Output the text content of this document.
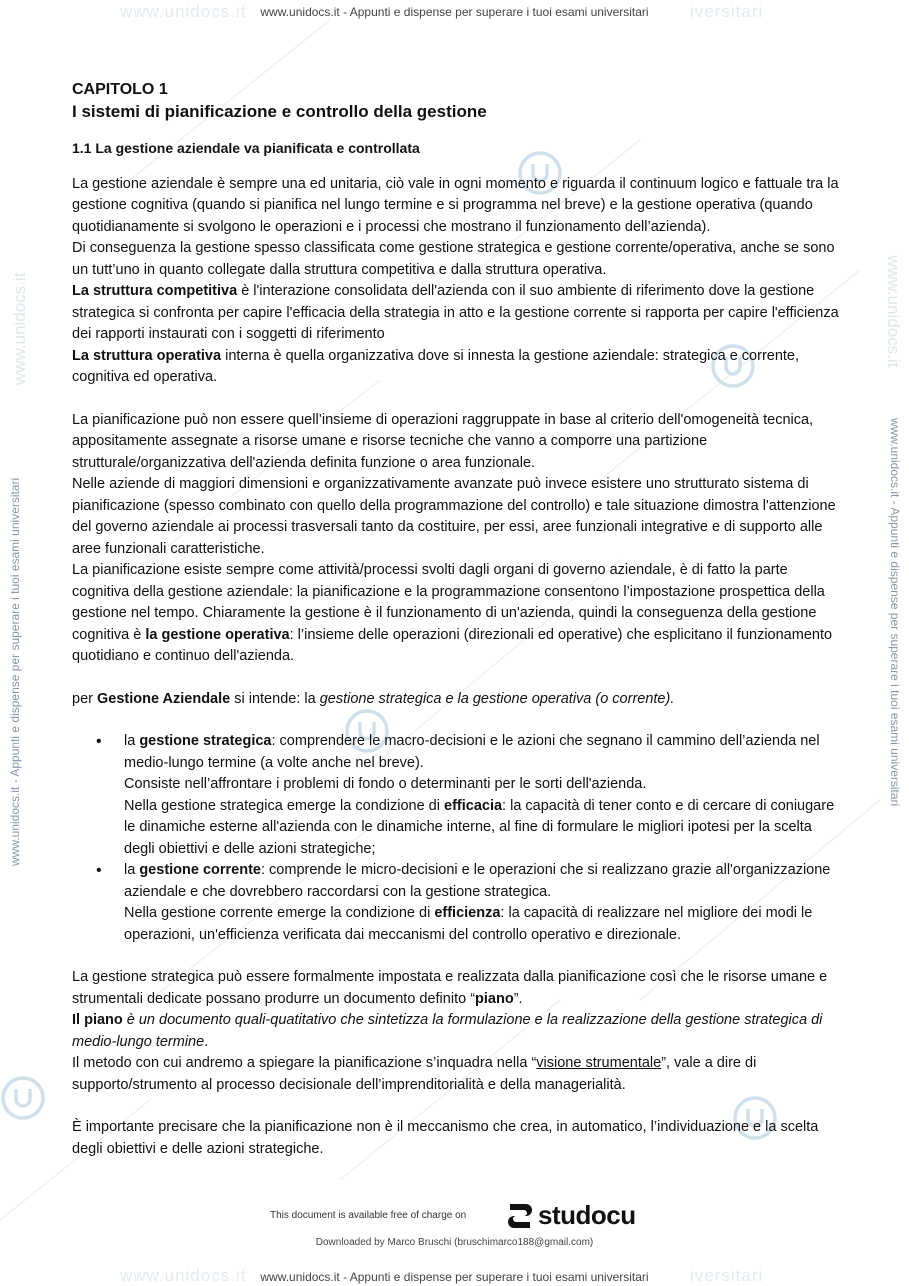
www.unidocs.it	iversitari
www.unidocs.it - Appunti e dispense per superare i tuoi esami universitari
www.unidocs.it	iversitari
www.unidocs.it - Appunti e dispense per superare i tuoi esami universitari
www.unidocs.it - Appunti e dispense per superare i tuoi esami universitari	www.unidocs.it - Appunti e dispense per superare i tuoi esami universitari
www.unidocs.it	www.unidocs.it

CAPITOLO 1

I sistemi di pianificazione e controllo della gestione

1.1 La gestione aziendale va pianificata e controllata

La gestione aziendale è sempre una ed unitaria, ciò vale in ogni momento e riguarda il continuum logico e fattuale tra la gestione cognitiva (quando si pianifica nel lungo termine e si programma nel breve) e la gestione operativa (quando quotidianamente si svolgono le operazioni e i processi che mostrano il funzionamento dell’azienda).
Di conseguenza la gestione spesso classificata come gestione strategica e gestione corrente/operativa, anche se sono un tutt’uno in quanto collegate dalla struttura competitiva e dalla struttura operativa.
La struttura competitiva è l'interazione consolidata dell'azienda con il suo ambiente di riferimento dove la gestione strategica si confronta per capire l'efficacia della strategia in atto e la gestione corrente si rapporta per capire l'efficienza dei rapporti instaurati con i soggetti di riferimento
La struttura operativa interna è quella organizzativa dove si innesta la gestione aziendale: strategica e corrente, cognitiva ed operativa.

La pianificazione può non essere quell’insieme di operazioni raggruppate in base al criterio dell'omogeneità tecnica, appositamente assegnate a risorse umane e risorse tecniche che vanno a comporre una partizione strutturale/organizzativa dell'azienda definita funzione o area funzionale.
Nelle aziende di maggiori dimensioni e organizzativamente avanzate può invece esistere uno strutturato sistema di pianificazione (spesso combinato con quello della programmazione del controllo) e tale situazione dimostra l'attenzione del governo aziendale ai processi trasversali tanto da costituire, per essi, aree funzionali integrative e di supporto alle aree funzionali caratteristiche.
La pianificazione esiste sempre come attività/processi svolti dagli organi di governo aziendale, è di fatto la parte cognitiva della gestione aziendale: la pianificazione e la programmazione consentono l’impostazione prospettica della gestione nel tempo. Chiaramente la gestione è il funzionamento di un'azienda, quindi la conseguenza della gestione cognitiva è la gestione operativa: l’insieme delle operazioni (direzionali ed operative) che esplicitano il funzionamento quotidiano e continuo dell'azienda.

per Gestione Aziendale si intende: la gestione strategica e la gestione operativa (o corrente).

• la gestione strategica: comprendere le macro-decisioni e le azioni che segnano il cammino dell’azienda nel medio-lungo termine (a volte anche nel breve).
Consiste nell’affrontare i problemi di fondo o determinanti per le sorti dell'azienda.
Nella gestione strategica emerge la condizione di efficacia: la capacità di tener conto e di cercare di coniugare le dinamiche esterne all'azienda con le dinamiche interne, al fine di formulare le migliori ipotesi per la scelta degli obiettivi e delle azioni strategiche;
• la gestione corrente: comprende le micro-decisioni e le operazioni che si realizzano grazie all'organizzazione aziendale e che dovrebbero raccordarsi con la gestione strategica.
Nella gestione corrente emerge la condizione di efficienza: la capacità di realizzare nel migliore dei modi le operazioni, un'efficienza verificata dai meccanismi del controllo operativo e direzionale.

La gestione strategica può essere formalmente impostata e realizzata dalla pianificazione così che le risorse umane e strumentali dedicate possano produrre un documento definito “piano”.
Il piano è un documento quali-quatitativo che sintetizza la formulazione e la realizzazione della gestione strategica di medio-lungo termine.
Il metodo con cui andremo a spiegare la pianificazione s’inquadra nella “visione strumentale”, vale a dire di supporto/strumento al processo decisionale dell’imprenditorialità e della managerialità.

È importante precisare che la pianificazione non è il meccanismo che crea, in automatico, l’individuazione e la scelta degli obiettivi e delle azioni strategiche.

This document is available free of charge on	studocu
Downloaded by Marco Bruschi (bruschimarco188@gmail.com)
